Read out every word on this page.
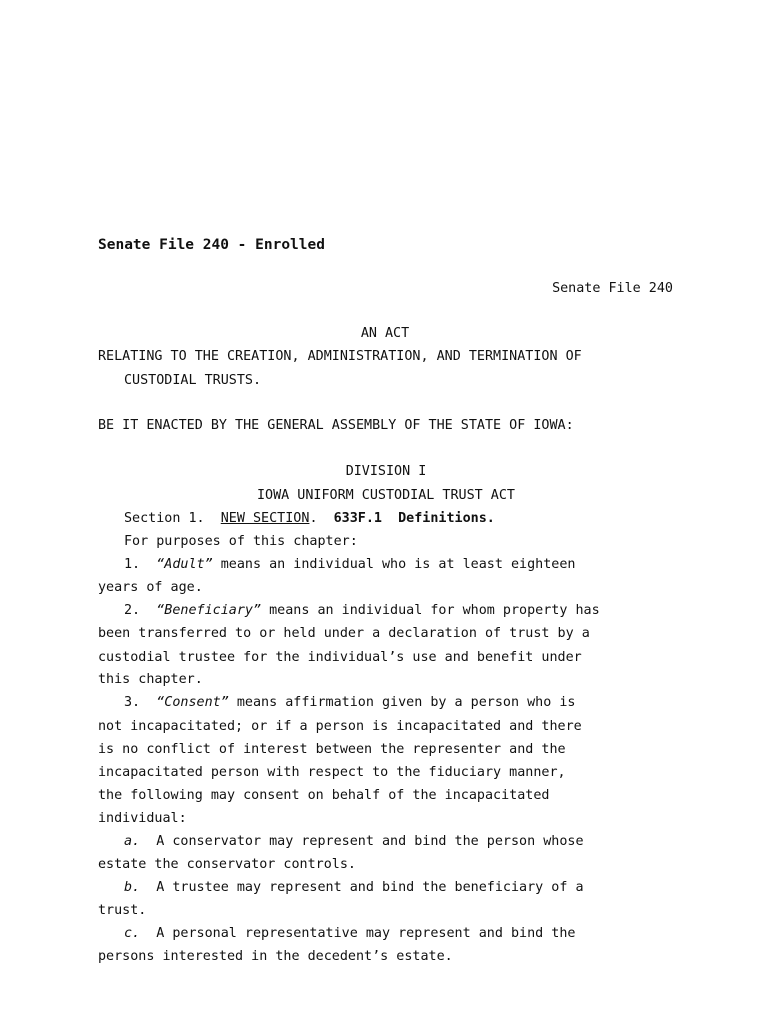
Senate File 240 - Enrolled
Senate File 240
AN ACT
RELATING TO THE CREATION, ADMINISTRATION, AND TERMINATION OF
CUSTODIAL TRUSTS.
BE IT ENACTED BY THE GENERAL ASSEMBLY OF THE STATE OF IOWA:
DIVISION I
IOWA UNIFORM CUSTODIAL TRUST ACT
Section 1. NEW SECTION. 633F.1 Definitions.
For purposes of this chapter:
1. “Adult” means an individual who is at least eighteen
years of age.
2. “Beneficiary” means an individual for whom property has
been transferred to or held under a declaration of trust by a
custodial trustee for the individual’s use and benefit under
this chapter.
3. “Consent” means affirmation given by a person who is
not incapacitated; or if a person is incapacitated and there
is no conflict of interest between the representer and the
incapacitated person with respect to the fiduciary manner,
the following may consent on behalf of the incapacitated
individual:
a.  A conservator may represent and bind the person whose
estate the conservator controls.
b.  A trustee may represent and bind the beneficiary of a
trust.
c.  A personal representative may represent and bind the
persons interested in the decedent’s estate.
